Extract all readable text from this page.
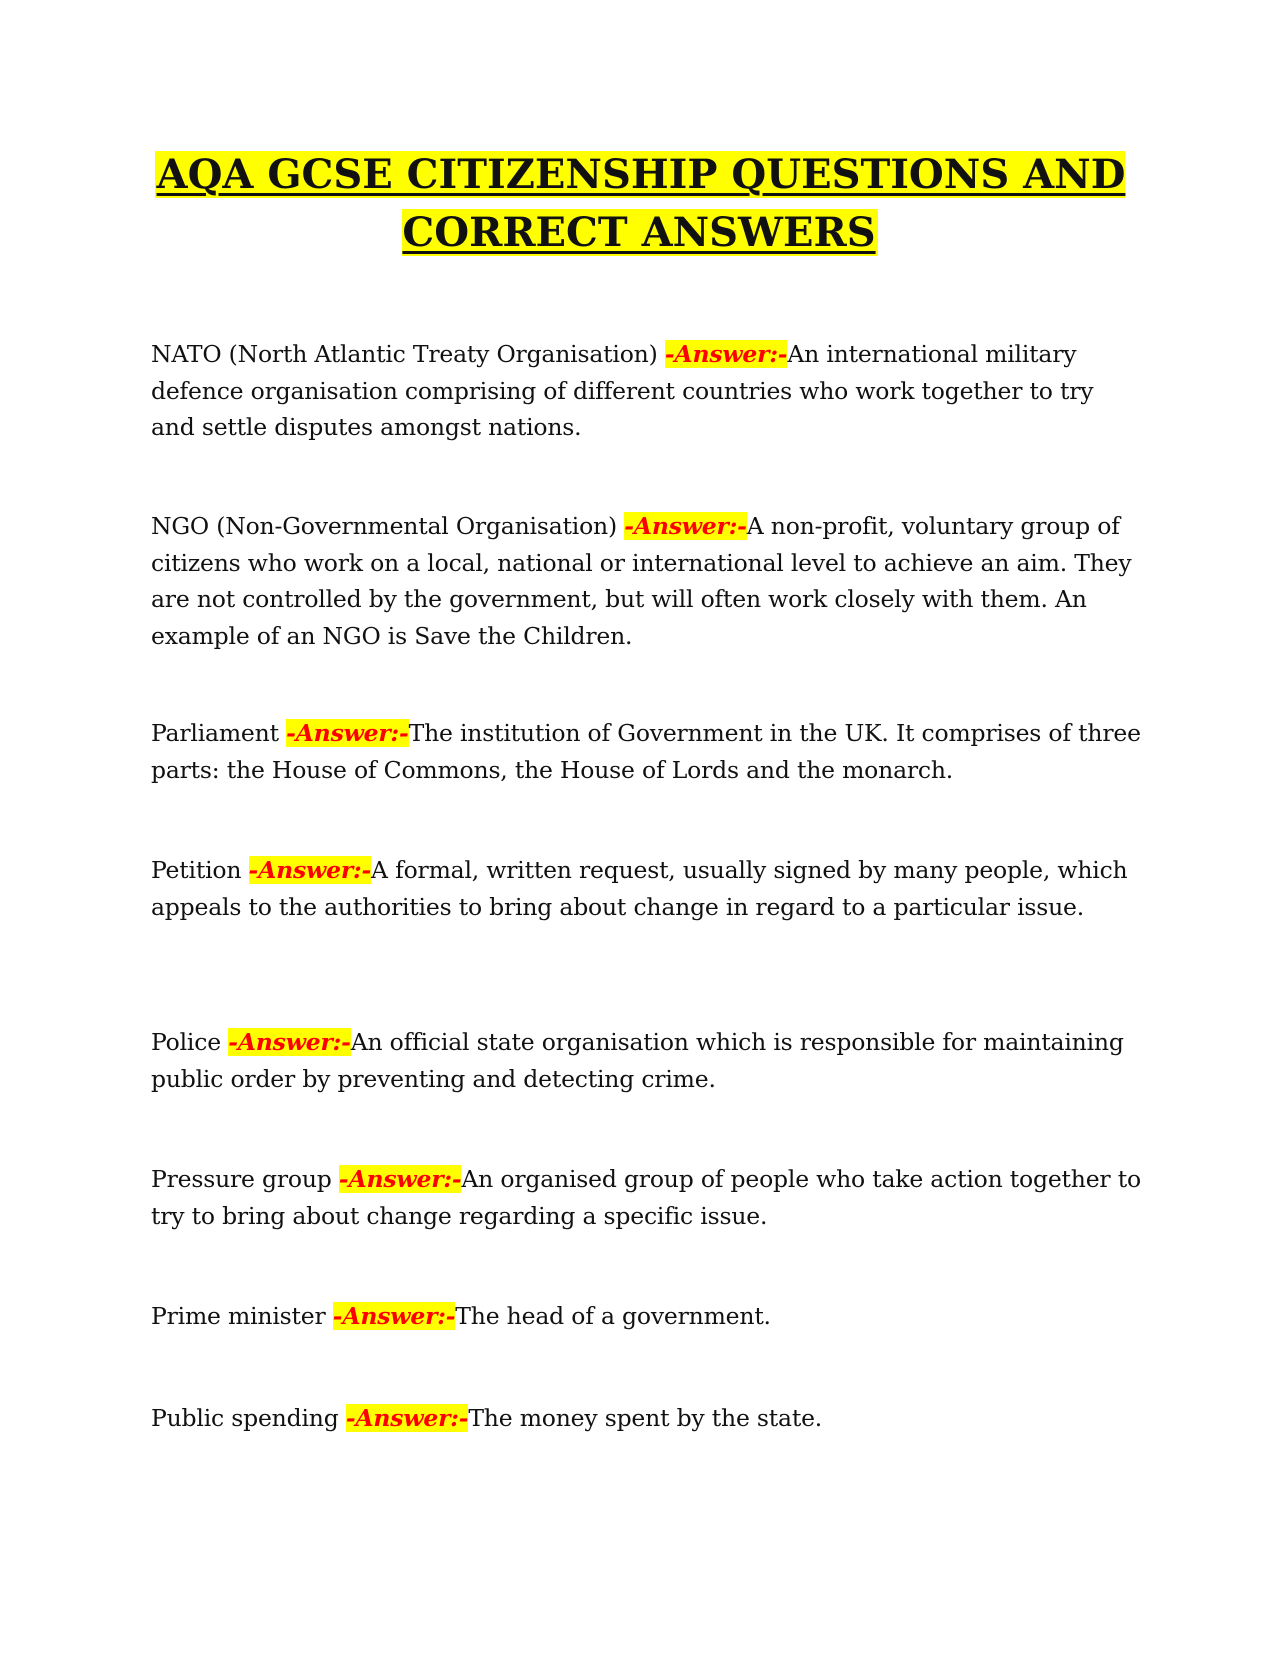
AQA GCSE CITIZENSHIP QUESTIONS AND CORRECT ANSWERS

NATO (North Atlantic Treaty Organisation) -Answer:-An international military defence organisation comprising of different countries who work together to try and settle disputes amongst nations.

NGO (Non-Governmental Organisation) -Answer:-A non-profit, voluntary group of citizens who work on a local, national or international level to achieve an aim. They are not controlled by the government, but will often work closely with them. An example of an NGO is Save the Children.

Parliament -Answer:-The institution of Government in the UK. It comprises of three parts: the House of Commons, the House of Lords and the monarch.

Petition -Answer:-A formal, written request, usually signed by many people, which appeals to the authorities to bring about change in regard to a particular issue.

Police -Answer:-An official state organisation which is responsible for maintaining public order by preventing and detecting crime.

Pressure group -Answer:-An organised group of people who take action together to try to bring about change regarding a specific issue.

Prime minister -Answer:-The head of a government.

Public spending -Answer:-The money spent by the state.
